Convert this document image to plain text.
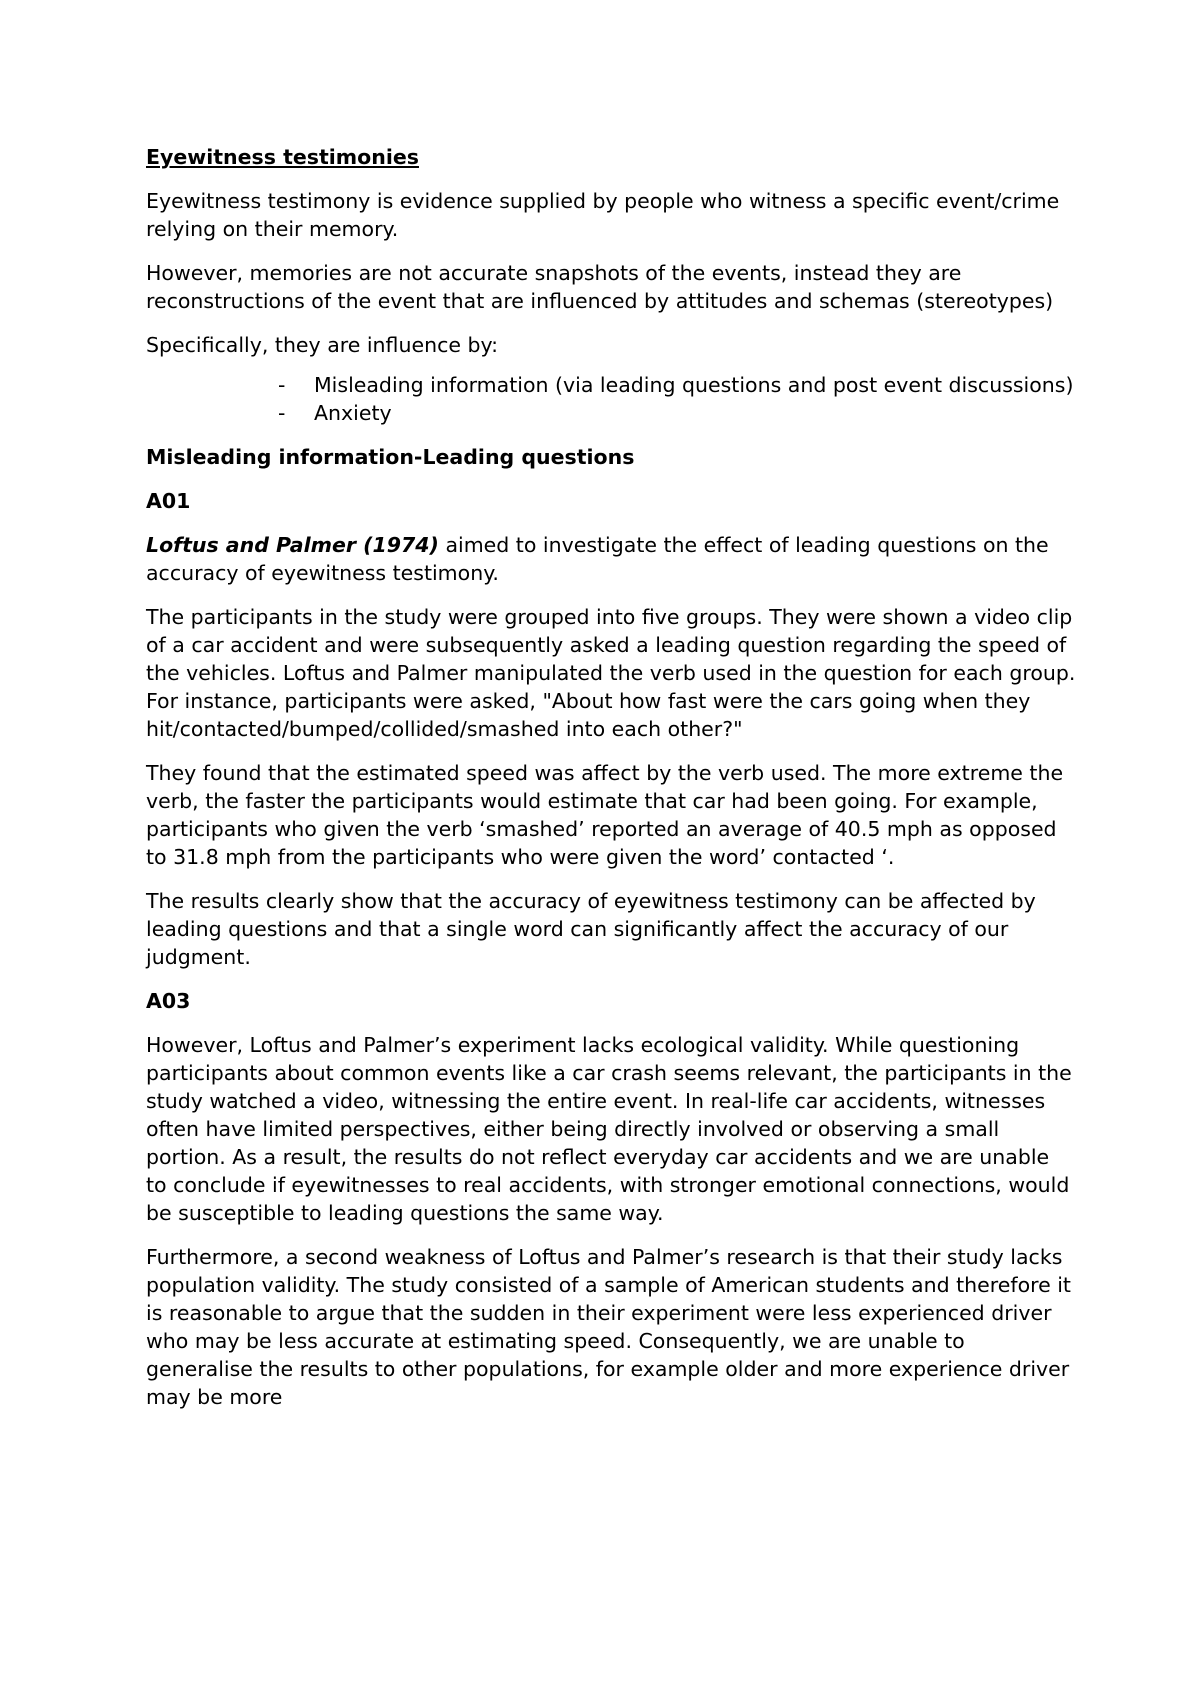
Eyewitness testimonies

Eyewitness testimony is evidence supplied by people who witness a specific event/crime relying on their memory.

However, memories are not accurate snapshots of the events, instead they are reconstructions of the event that are influenced by attitudes and schemas (stereotypes)

Specifically, they are influence by:

- Misleading information (via leading questions and post event discussions)
- Anxiety

Misleading information-Leading questions

A01

Loftus and Palmer (1974) aimed to investigate the effect of leading questions on the accuracy of eyewitness testimony.

The participants in the study were grouped into five groups. They were shown a video clip of a car accident and were subsequently asked a leading question regarding the speed of the vehicles. Loftus and Palmer manipulated the verb used in the question for each group. For instance, participants were asked, "About how fast were the cars going when they hit/contacted/bumped/collided/smashed into each other?"

They found that the estimated speed was affect by the verb used. The more extreme the verb, the faster the participants would estimate that car had been going. For example, participants who given the verb ‘smashed’ reported an average of 40.5 mph as opposed to 31.8 mph from the participants who were given the word’ contacted ‘.

The results clearly show that the accuracy of eyewitness testimony can be affected by leading questions and that a single word can significantly affect the accuracy of our judgment.

A03

However, Loftus and Palmer’s experiment lacks ecological validity. While questioning participants about common events like a car crash seems relevant, the participants in the study watched a video, witnessing the entire event. In real-life car accidents, witnesses often have limited perspectives, either being directly involved or observing a small portion. As a result, the results do not reflect everyday car accidents and we are unable to conclude if eyewitnesses to real accidents, with stronger emotional connections, would be susceptible to leading questions the same way.

Furthermore, a second weakness of Loftus and Palmer’s research is that their study lacks population validity. The study consisted of a sample of American students and therefore it is reasonable to argue that the sudden in their experiment were less experienced driver who may be less accurate at estimating speed. Consequently, we are unable to generalise the results to other populations, for example older and more experience driver may be more
